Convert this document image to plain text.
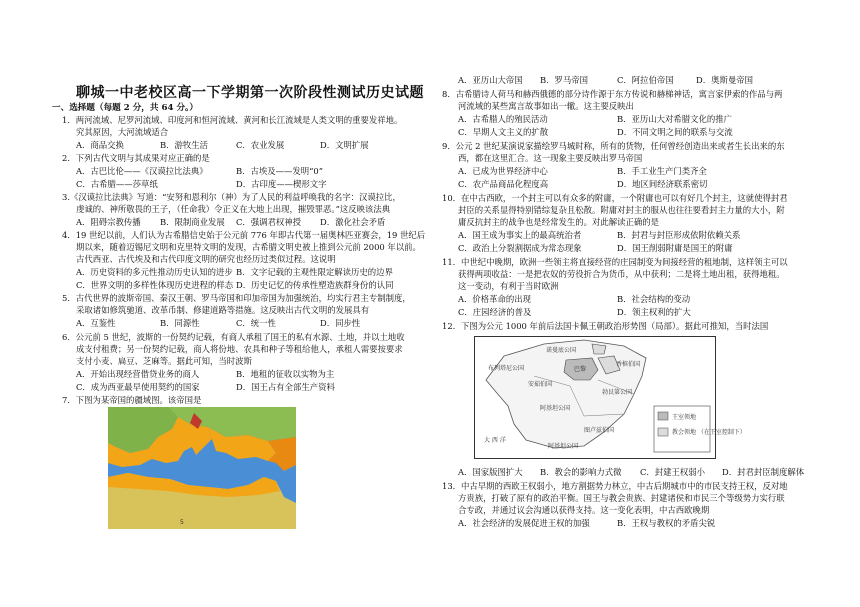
聊城一中老校区高一下学期第一次阶段性测试历史试题
一、选择题（每题 2 分，共 64 分。）
1．两河流域、尼罗河流域、印度河和恒河流域、黄河和长江流域是人类文明的重要发祥地。
究其原因，大河流域适合
A．商品交换	B．游牧生活	C．农业发展	D．文明扩展
2．下列古代文明与其成果对应正确的是
A．古巴比伦——《汉谟拉比法典》	B．古埃及——发明“0”
C．古希腊——莎草纸	D．古印度——楔形文字
3.《汉谟拉比法典》写道：“安努和恩利尔（神）为了人民的利益呼唤我的名字：汉谟拉比，
虔诚的、神所敬畏的王子，（任命我）令正义在大地上出现，摧毁罪恶。”这反映该法典
A．阻碍宗教传播 B．限制商业发展 C．强调君权神授 D．激化社会矛盾
4．19 世纪以前，人们认为古希腊信史始于公元前 776 年即古代第一届奥林匹亚赛会，19 世纪后
期以来，随着迈锡尼文明和克里特文明的发现，古希腊文明史被上推到公元前 2000 年以前。
古代西亚、古代埃及和古代印度文明的研究也经历过类似过程。这说明
A．历史资料的多元性推动历史认知的进步 B．文字记载的主观性限定解读历史的边界
C．世界文明的多样性体现历史进程的样态 D．历史记忆的传承性塑造族群身份的认同
5．古代世界的波斯帝国、秦汉王朝、罗马帝国和印加帝国为加强统治，均实行君主专制制度，
采取诸如修筑驰道、改革币制、修建道路等措施。这反映出古代文明的发展具有
A．互鉴性	B．同源性	C．统一性	D．同步性
6．公元前 5 世纪，波斯的一份契约记载，有商人承租了国王的私有水源、土地，并以土地收
成支付租费；另一份契约记载，商人将份地、农具和种子等租给他人，承租人需要按要求
支付小麦、扁豆、芝麻等。据此可知，当时波斯
A．开始出现经营借贷业务的商人	B．地租的征收以实物为主
C．成为西亚最早使用契约的国家	D．国王占有全部生产资料
7．下图为某帝国的疆域图。该帝国是
5
A．亚历山大帝国 B．罗马帝国	C．阿拉伯帝国	D．奥斯曼帝国
8．古希腊诗人荷马和赫西俄德的部分诗作源于东方传说和赫梯神话，寓言家伊索的作品与两
河流域的某些寓言故事如出一辙。这主要反映出
A．古希腊人的殖民活动	B．亚历山大对希腊文化的推广
C．早期人文主义的扩散	D．不同文明之间的联系与交流
9．公元 2 世纪某演说家描绘罗马城时称，所有的货物，任何曾经创造出来或者生长出来的东
西，都在这里汇合。这一现象主要反映出罗马帝国
A．已成为世界经济中心	B．手工业生产门类齐全
C．农产品商品化程度高	D．地区间经济联系密切
10．在中古西欧，一个封主可以有众多的附庸，一个附庸也可以有好几个封主，这就使得封君
封臣的关系显得特别错综复杂且松散。附庸对封主的服从也往往要看封主力量的大小，附
庸反抗封主的战争也是经常发生的。对此解读正确的是
A．国王成为事实上的最高统治者	B．封君与封臣形成依附依赖关系
C．政治上分裂割据成为常态现象	D．国王削弱附庸是国王的附庸
11．中世纪中晚期，欧洲一些领主将直接经营的庄园制变为间接经营的租地制，这样领主可以
获得两项收益：一是把农奴的劳役折合为货币，从中获利；二是将土地出租，获得地租。
这一变动，有利于当时欧洲
A．价格革命的出现	B．社会结构的变动
C．庄园经济的普及	D．领主权利的扩大
12．下图为公元 1000 年前后法国卡佩王朝政治形势图（局部）。据此可推知，当时法国
诺曼底公国
布列塔尼公国	巴黎
安茹伯国
勃艮第公国
阿基坦公国
图卢兹伯国
大 西 洋
阿基坦公国
香槟伯国
王室领地
教会领地 （在王室控制下）
A．国家版图扩大 B．教会的影响力式微 C．封建王权弱小 D．封君封臣制度解体
13．中古早期的西欧王权弱小，地方割据势力林立，中古后期城市中的市民支持王权，反对地
方贵族，打破了原有的政治平衡。国王与教会贵族、封建诸侯和市民三个等级势力实行联
合专政，并通过议会沟通以获得支持。这一变化表明，中古西欧晚期
A．社会经济的发展促进王权的加强	B．王权与教权的矛盾尖锐
